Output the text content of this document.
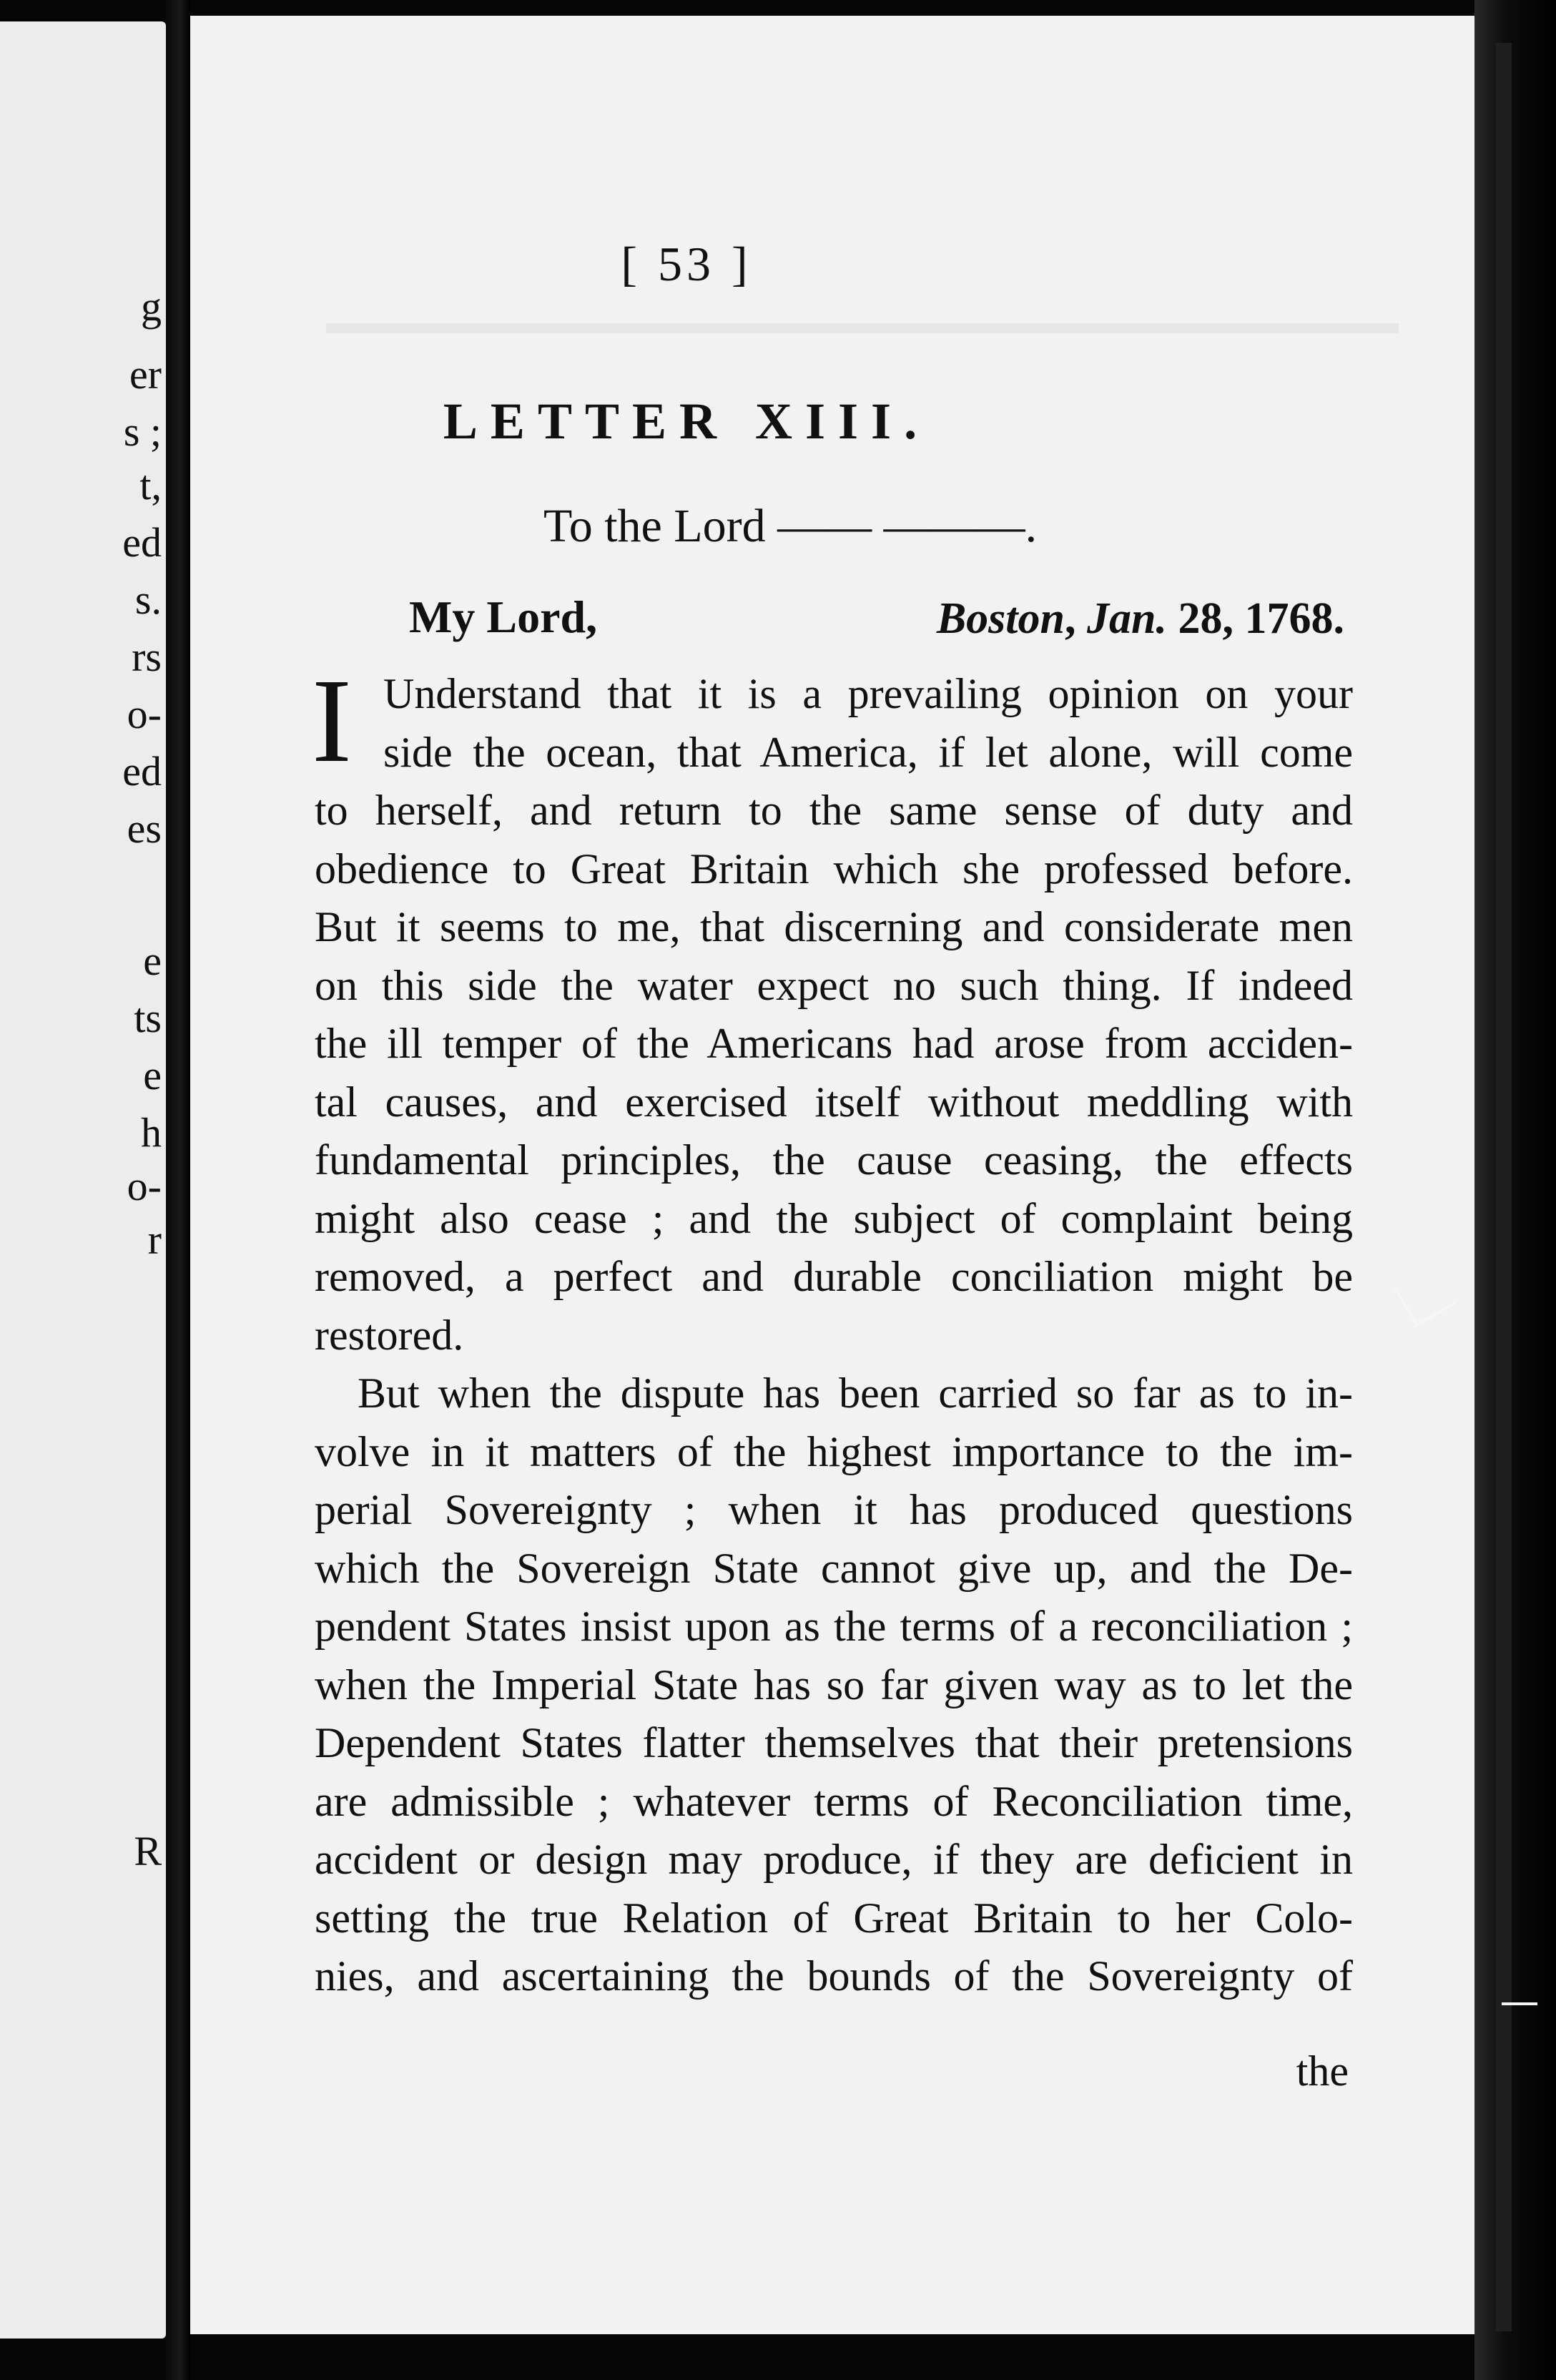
g
er
s ;
t,
ed
s.
rs
o-
ed
es
e
ts
e
h
o-
r
R
[ 53 ]
LETTER XIII.
To the Lord —— ———.
My Lord,	Boston, Jan. 28, 1768.
I Understand that it is a prevailing opinion on your
side the ocean, that America, if let alone, will come
to herself, and return to the same sense of duty and
obedience to Great Britain which she professed before.
But it seems to me, that discerning and considerate men
on this side the water expect no such thing. If indeed
the ill temper of the Americans had arose from acciden-
tal causes, and exercised itself without meddling with
fundamental principles, the cause ceasing, the effects
might also cease ; and the subject of complaint being
removed, a perfect and durable conciliation might be
restored.
But when the dispute has been carried so far as to in-
volve in it matters of the highest importance to the im-
perial Sovereignty ; when it has produced questions
which the Sovereign State cannot give up, and the De-
pendent States insist upon as the terms of a reconciliation ;
when the Imperial State has so far given way as to let the
Dependent States flatter themselves that their pretensions
are admissible ; whatever terms of Reconciliation time,
accident or design may produce, if they are deficient in
setting the true Relation of Great Britain to her Colo-
nies, and ascertaining the bounds of the Sovereignty of
the
